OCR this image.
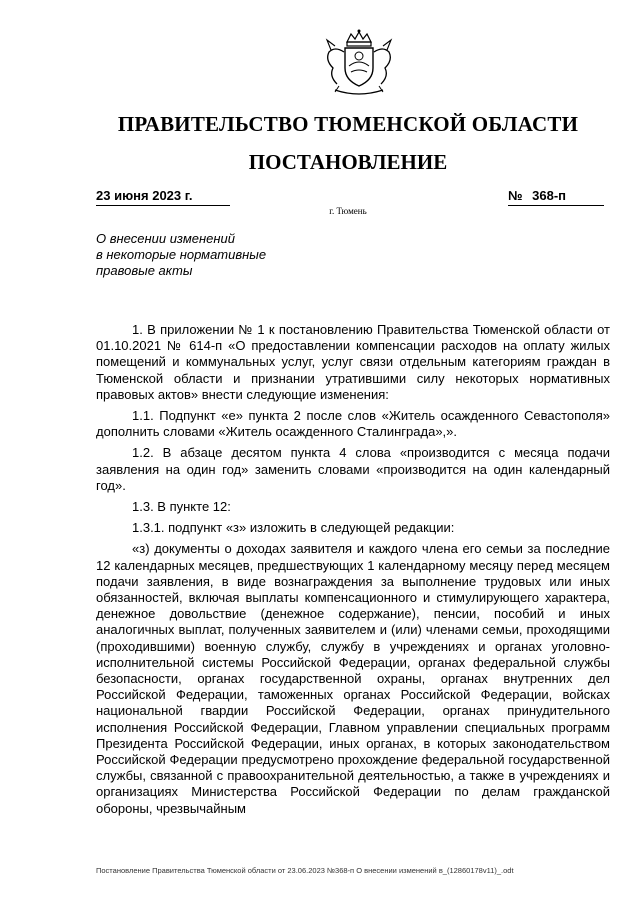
ПРАВИТЕЛЬСТВО ТЮМЕНСКОЙ ОБЛАСТИ
ПОСТАНОВЛЕНИЕ
23 июня 2023 г.	№ 368-п
г. Тюмень
О внесении изменений
в некоторые нормативные
правовые акты

1. В приложении № 1 к постановлению Правительства Тюменской области от 01.10.2021 № 614-п «О предоставлении компенсации расходов на оплату жилых помещений и коммунальных услуг, услуг связи отдельным категориям граждан в Тюменской области и признании утратившими силу некоторых нормативных правовых актов» внести следующие изменения:

1.1. Подпункт «е» пункта 2 после слов «Житель осажденного Севастополя» дополнить словами «Житель осажденного Сталинграда»,».

1.2. В абзаце десятом пункта 4 слова «производится с месяца подачи заявления на один год» заменить словами «производится на один календарный год».

1.3. В пункте 12:

1.3.1. подпункт «з» изложить в следующей редакции:

«з) документы о доходах заявителя и каждого члена его семьи за последние 12 календарных месяцев, предшествующих 1 календарному месяцу перед месяцем подачи заявления, в виде вознаграждения за выполнение трудовых или иных обязанностей, включая выплаты компенсационного и стимулирующего характера, денежное довольствие (денежное содержание), пенсии, пособий и иных аналогичных выплат, полученных заявителем и (или) членами семьи, проходящими (проходившими) военную службу, службу в учреждениях и органах уголовно-исполнительной системы Российской Федерации, органах федеральной службы безопасности, органах государственной охраны, органах внутренних дел Российской Федерации, таможенных органах Российской Федерации, войсках национальной гвардии Российской Федерации, органах принудительного исполнения Российской Федерации, Главном управлении специальных программ Президента Российской Федерации, иных органах, в которых законодательством Российской Федерации предусмотрено прохождение федеральной государственной службы, связанной с правоохранительной деятельностью, а также в учреждениях и организациях Министерства Российской Федерации по делам гражданской обороны, чрезвычайным

Постановление Правительства Тюменской области от 23.06.2023 №368-п О внесении изменений в_(12860178v11)_.odt
